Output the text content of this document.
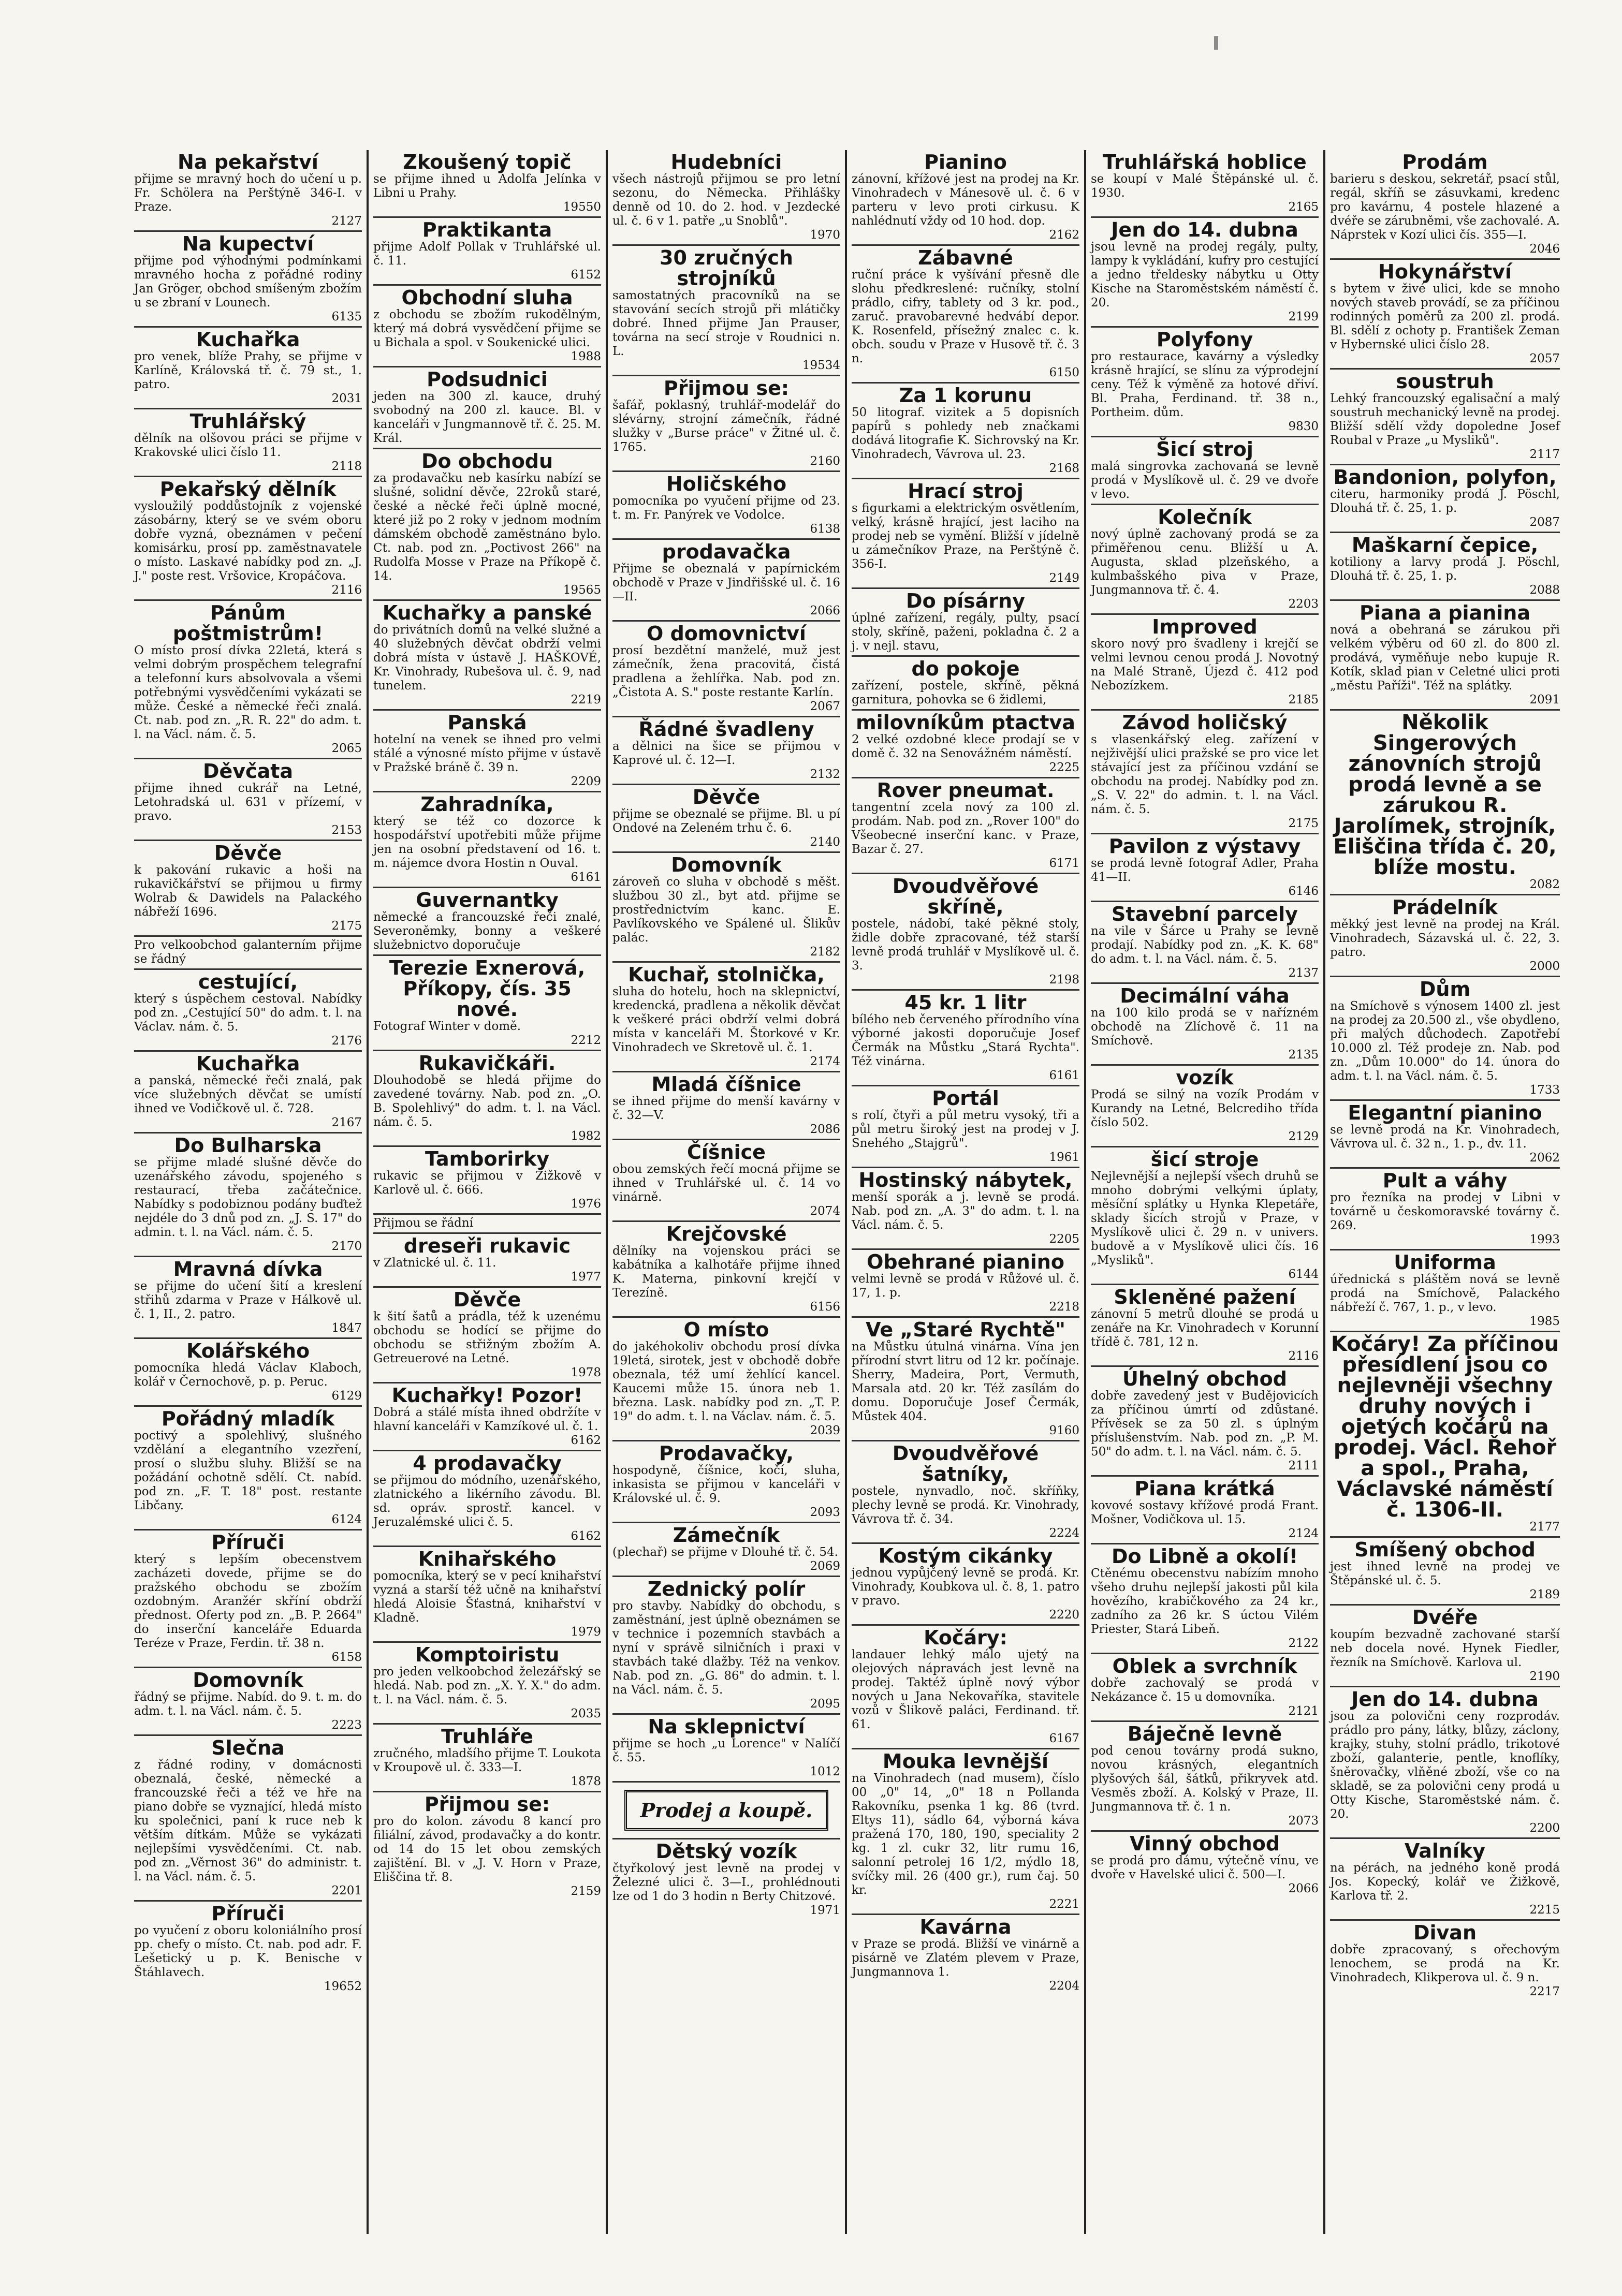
Na pekařství

přijme se mravný hoch do učení u p. Fr. Schölera na Perštýně 346-I. v Praze.

2127

Na kupectví

přijme pod výhodnými podmínkami mravného hocha z pořádné rodiny Jan Gröger, obchod smíšeným zbožím u se zbraní v Lounech.

6135

Kuchařka

pro venek, blíže Prahy, se přijme v Karlíně, Královská tř. č. 79 st., 1. patro.

2031

Truhlářský

dělník na olšovou práci se přijme v Krakovské ulici číslo 11.

2118

Pekařský dělník

vysloužilý poddůstojník z vojenské zásobárny, který se ve svém oboru dobře vyzná, obeznámen v pečení komisárku, prosí pp. zaměstnavatele o místo. Laskavé nabídky pod zn. „J. J." poste rest. Vršovice, Kropáčova.

2116

Pánům poštmistrům!

O místo prosí dívka 22letá, která s velmi dobrým prospěchem telegrafní a telefonní kurs absolvovala a všemi potřebnými vysvědčeními vykázati se může. České a německé řeči znalá. Ct. nab. pod zn. „R. R. 22" do adm. t. l. na Václ. nám. č. 5.

2065

Děvčata

přijme ihned cukrář na Letné, Letohradská ul. 631 v přízemí, v pravo.

2153

Děvče

k pakování rukavic a hoši na rukavičkářství se přijmou u firmy Wolrab & Dawidels na Palackého nábřeží 1696.

2175

Pro velkoobchod galanterním přijme se řádný

cestující,

který s úspěchem cestoval. Nabídky pod zn. „Cestující 50" do adm. t. l. na Václav. nám. č. 5.

2176

Kuchařka

a panská, německé řeči znalá, pak více služebných děvčat se umístí ihned ve Vodičkově ul. č. 728.

2167

Do Bulharska

se přijme mladé slušné děvče do uzenářského závodu, spojeného s restaurací, třeba začátečnice. Nabídky s podobiznou podány buďtež nejdéle do 3 dnů pod zn. „J. S. 17" do admin. t. l. na Václ. nám. č. 5.

2170

Mravná dívka

se přijme do učení šití a kreslení střihů zdarma v Praze v Hálkově ul. č. 1, II., 2. patro.

1847

Kolářského

pomocníka hledá Václav Klaboch, kolář v Černochově, p. p. Peruc.

6129

Pořádný mladík

poctivý a spolehlivý, slušného vzdělání a elegantního vzezření, prosí o službu sluhy. Bližší se na požádání ochotně sdělí. Ct. nabíd. pod zn. „F. T. 18" post. restante Libčany.

6124

Příruči

který s lepším obecenstvem zacházeti dovede, přijme se do pražského obchodu se zbožím ozdobným. Aranžér skříní obdrží přednost. Oferty pod zn. „B. P. 2664" do inserční kanceláře Eduarda Teréze v Praze, Ferdin. tř. 38 n.

6158

Domovník

řádný se přijme. Nabíd. do 9. t. m. do adm. t. l. na Václ. nám. č. 5.

2223

Slečna

z řádné rodiny, v domácnosti obeznalá, české, německé a francouzské řeči a též ve hře na piano dobře se vyznající, hledá místo ku společnici, paní k ruce neb k větším dítkám. Může se vykázati nejlepšími vysvědčeními. Ct. nab. pod zn. „Věrnost 36" do administr. t. l. na Václ. nám. č. 5.

2201

Příruči

po vyučení z oboru koloniálního prosí pp. chefy o místo. Ct. nab. pod adr. F. Lešetický u p. K. Benische v Štáhlavech.

19652

Zkoušený topič

se přijme ihned u Adolfa Jelínka v Libni u Prahy.

19550

Praktikanta

přijme Adolf Pollak v Truhlářské ul. č. 11.

6152

Obchodní sluha

z obchodu se zbožím rukodělným, který má dobrá vysvědčení přijme se u Bichala a spol. v Soukenické ulici.

1988

Podsudnici

jeden na 300 zl. kauce, druhý svobodný na 200 zl. kauce. Bl. v kanceláři v Jungmannově tř. č. 25. M. Král.

Do obchodu

za prodavačku neb kasírku nabízí se slušné, solidní děvče, 22roků staré, české a něcké řeči úplně mocné, které již po 2 roky v jednom modním dámském obchodě zaměstnáno bylo. Ct. nab. pod zn. „Poctivost 266" na Rudolfa Mosse v Praze na Příkopě č. 14.

19565

Kuchařky a panské

do privátních domů na velké služné a 40 služebných děvčat obdrží velmi dobrá místa v ústavě J. HAŠKOVÉ, Kr. Vinohrady, Rubešova ul. č. 9, nad tunelem.

2219

Panská

hotelní na venek se ihned pro velmi stálé a výnosné místo přijme v ústavě v Pražské bráně č. 39 n.

2209

Zahradníka,

který se též co dozorce k hospodářství upotřebiti může přijme jen na osobní představení od 16. t. m. nájemce dvora Hostin n Ouval.

6161

Guvernantky

německé a francouzské řeči znalé, Severoněmky, bonny a veškeré služebnictvo doporučuje

Terezie Exnerová, Příkopy, čís. 35 nové.

Fotograf Winter v domě.

2212

Rukavičkáři.

Dlouhodobě se hledá přijme do zavedené továrny. Nab. pod zn. „O. B. Spolehlivý" do adm. t. l. na Václ. nám. č. 5.

1982

Tamborirky

rukavic se přijmou v Žižkově v Karlově ul. č. 666.

1976

Přijmou se řádní

dreseři rukavic

v Zlatnické ul. č. 11.

1977

Děvče

k šití šatů a prádla, též k uzenému obchodu se hodící se přijme do obchodu se střižným zbožím A. Getreuerové na Letné.

1978

Kuchařky! Pozor!

Dobrá a stálé místa ihned obdržíte v hlavní kanceláři v Kamzíkové ul. č. 1.

6162

4 prodavačky

se přijmou do módního, uzenářského, zlatnického a likérního závodu. Bl. sd. opráv. sprostř. kancel. v Jeruzalémské ulici č. 5.

6162

Knihařského

pomocníka, který se v pecí knihařství vyzná a starší též učně na knihařství hledá Aloisie Šťastná, knihařství v Kladně.

1979

Komptoiristu

pro jeden velkoobchod železářský se hledá. Nab. pod zn. „X. Y. X." do adm. t. l. na Václ. nám. č. 5.

2035

Truhláře

zručného, mladšího přijme T. Loukota v Kroupově ul. č. 333—I.

1878

Přijmou se:

pro do kolon. závodu 8 kancí pro filiální, závod, prodavačky a do kontr. od 14 do 15 let obou zemských zajištění. Bl. v „J. V. Horn v Praze, Eliščina tř. 8.

2159

Hudebníci

všech nástrojů přijmou se pro letní sezonu, do Německa. Přihlášky denně od 10. do 2. hod. v Jezdecké ul. č. 6 v 1. patře „u Snoblů".

1970

30 zručných strojníků

samostatných pracovníků na se stavování secích strojů při mlátičky dobré. Ihned přijme Jan Prauser, továrna na secí stroje v Roudnici n. L.

19534

Přijmou se:

šafář, poklasný, truhlář-modelář do slévárny, strojní zámečník, řádné služky v „Burse práce" v Žitné ul. č. 1765.

2160

Holičského

pomocníka po vyučení přijme od 23. t. m. Fr. Panýrek ve Vodolce.

6138

prodavačka

Přijme se obeznalá v papírnickém obchodě v Praze v Jindřišské ul. č. 16—II.

2066

O domovnictví

prosí bezdětní manželé, muž jest zámečník, žena pracovitá, čistá pradlena a žehlířka. Nab. pod zn. „Čistota A. S." poste restante Karlín.

2067

Řádné švadleny

a dělnici na šice se přijmou v Kaprové ul. č. 12—I.

2132

Děvče

přijme se obeznalé se přijme. Bl. u pí Ondové na Zeleném trhu č. 6.

2140

Domovník

zároveň co sluha v obchodě s měšt. službou 30 zl., byt atd. přijme se prostřednictvím kanc. E. Pavlíkovského ve Spálené ul. Šlikův palác.

2182

Kuchař, stolnička,

sluha do hotelu, hoch na sklepnictví, kredencká, pradlena a několik děvčat k veškeré práci obdrží velmi dobrá místa v kanceláři M. Štorkové v Kr. Vinohradech ve Skretově ul. č. 1.

2174

Mladá číšnice

se ihned přijme do menší kavárny v č. 32—V.

2086

Číšnice

obou zemských řečí mocná přijme se ihned v Truhlářské ul. č. 14 vo vinárně.

2074

Krejčovské

dělníky na vojenskou práci se kabátníka a kalhotáře přijme ihned K. Materna, pinkovní krejčí v Terezíně.

6156

O místo

do jakéhokoliv obchodu prosí dívka 19letá, sirotek, jest v obchodě dobře obeznala, též umí žehlící kancel. Kaucemi může 15. února neb 1. března. Lask. nabídky pod zn. „T. P. 19" do adm. t. l. na Václav. nám. č. 5.

2039

Prodavačky,

hospodyně, číšnice, kočí, sluha, inkasista se přijmou v kanceláři v Královské ul. č. 9.

2093

Zámečník

(plechař) se přijme v Dlouhé tř. č. 54.

2069

Zednický polír

pro stavby. Nabídky do obchodu, s zaměstnání, jest úplně obeznámen se v technice i pozemních stavbách a nyní v správě silničních i praxi v stavbách také dlažby. Též na venkov. Nab. pod zn. „G. 86" do admin. t. l. na Václ. nám. č. 5.

2095

Na sklepnictví

přijme se hoch „u Lorence" v Nalíčí č. 55.

1012

Prodej a koupě.

Dětský vozík

čtyřkolový jest levně na prodej v Železné ulici č. 3—I., prohlédnouti lze od 1 do 3 hodin n Berty Chitzové.

1971

Pianino

zánovní, křížové jest na prodej na Kr. Vinohradech v Mánesově ul. č. 6 v parteru v levo proti cirkusu. K nahlédnutí vždy od 10 hod. dop.

2162

Zábavné

ruční práce k vyšívání přesně dle slohu předkreslené: ručníky, stolní prádlo, cifry, tablety od 3 kr. pod., zaruč. pravobarevné hedvábí depor. K. Rosenfeld, přísežný znalec c. k. obch. soudu v Praze v Husově tř. č. 3 n.

6150

Za 1 korunu

50 litograf. vizitek a 5 dopisních papírů s pohledy neb značkami dodává litografie K. Sichrovský na Kr. Vinohradech, Vávrova ul. 23.

2168

Hrací stroj

s figurkami a elektrickým osvětlením, velký, krásně hrající, jest laciho na prodej neb se vymění. Bližší v jídelně u zámečníkov Praze, na Perštýně č. 356-I.

2149

Do písárny

úplné zařízení, regály, pulty, psací stoly, skříně, paženi, pokladna č. 2 a j. v nejl. stavu,

do pokoje

zařízení, postele, skříně, pěkná garnitura, pohovka se 6 židlemi,

milovníkům ptactva

2 velké ozdobné klece prodají se v domě č. 32 na Senovážném náměstí.

2225

Rover pneumat.

tangentní zcela nový za 100 zl. prodám. Nab. pod zn. „Rover 100" do Všeobecné inserční kanc. v Praze, Bazar č. 27.

6171

Dvoudvěřové skříně,

postele, nádobí, také pěkné stoly, židle dobře zpracované, též starší levně prodá truhlář v Myslíkově ul. č. 3.

2198

45 kr. 1 litr

bílého neb červeného přírodního vína výborné jakosti doporučuje Josef Čermák na Můstku „Stará Rychta". Též vinárna.

6161

Portál

s rolí, čtyři a půl metru vysoký, tři a půl metru široký jest na prodej v J. Snehého „Stajgrů".

1961

Hostinský nábytek,

menší sporák a j. levně se prodá. Nab. pod zn. „A. 3" do adm. t. l. na Václ. nám. č. 5.

2205

Obehrané pianino

velmi levně se prodá v Růžové ul. č. 17, 1. p.

2218

Ve „Staré Rychtě"

na Můstku útulná vinárna. Vína jen přírodní stvrt litru od 12 kr. počínaje. Sherry, Madeira, Port, Vermuth, Marsala atd. 20 kr. Též zasílám do domu. Doporučuje Josef Čermák, Můstek 404.

9160

Dvoudvěřové šatníky,

postele, nynvadlo, noč. skříňky, plechy levně se prodá. Kr. Vinohrady, Vávrova tř. č. 34.

2224

Kostým cikánky

jednou vypůjčený levně se prodá. Kr. Vinohrady, Koubkova ul. č. 8, 1. patro v pravo.

2220

Kočáry:

landauer lehký málo ujetý na olejových nápravách jest levně na prodej. Taktéž úplně nový výbor nových u Jana Nekovaříka, stavitele vozů v Šlikově paláci, Ferdinand. tř. 61.

6167

Mouka levnější

na Vinohradech (nad musem), číslo 00 „0" 14, „0" 18 n Pollanda Rakovníku, psenka 1 kg. 86 (tvrd. Eltys 11), sádlo 64, výborná káva pražená 170, 180, 190, speciality 2 kg. 1 zl. cukr 32, litr rumu 16, salonní petrolej 16 1/2, mýdlo 18, svíčky mil. 26 (400 gr.), rum čaj. 50 kr.

2221

Kavárna

v Praze se prodá. Bližší ve vinárně a pisárně ve Zlatém plevem v Praze, Jungmannova 1.

2204

Truhlářská hoblice

se koupí v Malé Štěpánské ul. č. 1930.

2165

Jen do 14. dubna

jsou levně na prodej regály, pulty, lampy k vykládání, kufry pro cestující a jedno třeldesky nábytku u Otty Kische na Staroměstském náměstí č. 20.

2199

Polyfony

pro restaurace, kavárny a výsledky krásně hrající, se slínu za výprodejní ceny. Též k výměně za hotové dřiví. Bl. Praha, Ferdinand. tř. 38 n., Portheim. dům.

9830

Šicí stroj

malá singrovka zachovaná se levně prodá v Myslíkově ul. č. 29 ve dvoře v levo.

Kolečník

nový úplně zachovaný prodá se za přiměřenou cenu. Bližší u A. Augusta, sklad plzeňského, a kulmbašského piva v Praze, Jungmannova tř. č. 4.

2203

Improved

skoro nový pro švadleny i krejčí se velmi levnou cenou prodá J. Novotný na Malé Straně, Újezd č. 412 pod Nebozízkem.

2185

Závod holičský

s vlasenkářský eleg. zařízení v nejživější ulici pražské se pro vice let stávající jest za příčinou vzdání se obchodu na prodej. Nabídky pod zn. „S. V. 22" do admin. t. l. na Václ. nám. č. 5.

2175

Pavilon z výstavy

se prodá levně fotograf Adler, Praha 41—II.

6146

Stavební parcely

na vile v Šárce u Prahy se levně prodají. Nabídky pod zn. „K. K. 68" do adm. t. l. na Václ. nám. č. 5.

2137

Decimální váha

na 100 kilo prodá se v nařízném obchodě na Zlíchově č. 11 na Smíchově.

2135

vozík

Prodá se silný na vozík Prodám v Kurandy na Letné, Belcrediho třída číslo 502.

2129

šicí stroje

Nejlevnější a nejlepší všech druhů se mnoho dobrými velkými úplaty, měsíční splátky u Hynka Klepetáře, sklady šicích strojů v Praze, v Myslíkově ulici č. 29 n. v univers. budově a v Myslíkově ulici čís. 16 „Mysliků".

6144

Skleněné pažení

zánovní 5 metrů dlouhé se prodá u zenáře na Kr. Vinohradech v Korunní třídě č. 781, 12 n.

2116

Úhelný obchod

dobře zavedený jest v Budějovicích za příčinou úmrtí od zdůstané. Přívěsek se za 50 zl. s úplným příslušenstvím. Nab. pod zn. „P. M. 50" do adm. t. l. na Václ. nám. č. 5.

2111

Piana krátká

kovové sostavy křížové prodá Frant. Mošner, Vodičkova ul. 15.

2124

Do Libně a okolí!

Ctěnému obecenstvu nabízím mnoho všeho druhu nejlepší jakosti půl kila hovězího, krabičkového za 24 kr., zadního za 26 kr. S úctou Vilém Priester, Stará Libeň.

2122

Oblek a svrchník

dobře zachovalý se prodá v Nekázance č. 15 u domovníka.

2121

Báječně levně

pod cenou továrny prodá sukno, novou krásných, elegantních plyšových šál, šátků, přikryvek atd. Vesměs zboží. A. Kolský v Praze, II. Jungmannova tř. č. 1 n.

2073

Vinný obchod

se prodá pro dámu, výtečně vínu, ve dvoře v Havelské ulici č. 500—I.

2066

Prodám

barieru s deskou, sekretář, psací stůl, regál, skříň se zásuvkami, kredenc pro kavárnu, 4 postele hlazené a dvéře se zárubněmi, vše zachovalé. A. Náprstek v Kozí ulici čís. 355—I.

2046

Hokynářství

s bytem v živé ulici, kde se mnoho nových staveb provádí, se za příčinou rodinných poměrů za 200 zl. prodá. Bl. sdělí z ochoty p. František Zeman v Hybernské ulici číslo 28.

2057

soustruh

Lehký francouzský egalisační a malý soustruh mechanický levně na prodej. Bližší sdělí vždy dopoledne Josef Roubal v Praze „u Mysliků".

2117

Bandonion, polyfon,

citeru, harmoniky prodá J. Pöschl, Dlouhá tř. č. 25, 1. p.

2087

Maškarní čepice,

kotiliony a larvy prodá J. Pöschl, Dlouhá tř. č. 25, 1. p.

2088

Piana a pianina

nová a obehraná se zárukou při velkém výběru od 60 zl. do 800 zl. prodává, vyměňuje nebo kupuje R. Kotík, sklad pian v Celetné ulici proti „městu Paříži". Též na splátky.

2091

Několik Singerových zánovních strojů prodá levně a se zárukou R. Jarolímek, strojník, Eliščina třída č. 20, blíže mostu.

2082

Prádelník

měkký jest levně na prodej na Král. Vinohradech, Sázavská ul. č. 22, 3. patro.

2000

Dům

na Smíchově s výnosem 1400 zl. jest na prodej za 20.500 zl., vše obydleno, při malých důchodech. Zapotřebí 10.000 zl. Též prodeje zn. Nab. pod zn. „Dům 10.000" do 14. února do adm. t. l. na Václ. nám. č. 5.

1733

Elegantní pianino

se levně prodá na Kr. Vinohradech, Vávrova ul. č. 32 n., 1. p., dv. 11.

2062

Pult a váhy

pro řezníka na prodej v Libni v továrně u českomoravské továrny č. 269.

1993

Uniforma

úřednická s pláštěm nová se levně prodá na Smíchově, Palackého nábřeží č. 767, 1. p., v levo.

1985

Kočáry! Za příčinou přesídlení jsou co nejlevněji všechny druhy nových i ojetých kočárů na prodej. Václ. Řehoř a spol., Praha, Václavské náměstí č. 1306-II.

2177

Smíšený obchod

jest ihned levně na prodej ve Štěpánské ul. č. 5.

2189

Dvéře

koupím bezvadně zachované starší neb docela nové. Hynek Fiedler, řezník na Smíchově. Karlova ul.

2190

Jen do 14. dubna

jsou za polovični ceny rozprodáv. prádlo pro pány, látky, blůzy, záclony, krajky, stuhy, stolní prádlo, trikotové zboží, galanterie, pentle, knoflíky, šněrovačky, vlňěné zboží, vše co na skladě, se za polovični ceny prodá u Otty Kische, Staroměstské nám. č. 20.

2200

Valníky

na pérách, na jedného koně prodá Jos. Kopecký, kolář ve Žižkově, Karlova tř. 2.

2215

Divan

dobře zpracovaný, s ořechovým lenochem, se prodá na Kr. Vinohradech, Klikperova ul. č. 9 n.

2217
